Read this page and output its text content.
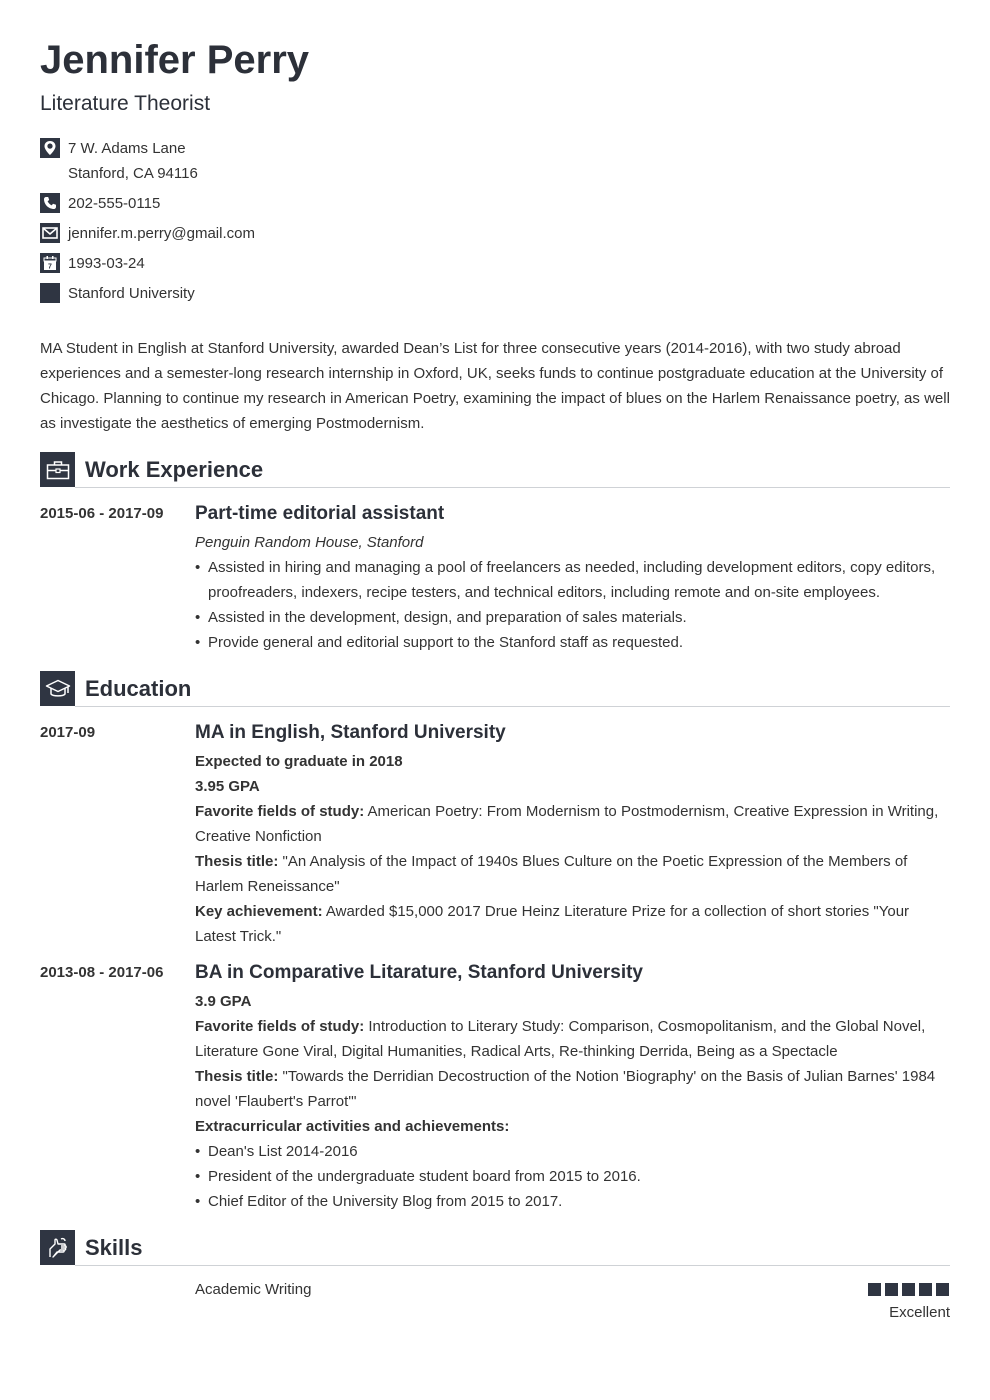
Jennifer Perry
Literature Theorist
7 W. Adams Lane
Stanford, CA 94116
202-555-0115
jennifer.m.perry@gmail.com
7 1993-03-24
Stanford University
MA Student in English at Stanford University, awarded Dean’s List for three consecutive years (2014-2016), with two study abroad experiences and a semester-long research internship in Oxford, UK, seeks funds to continue postgraduate education at the University of Chicago. Planning to continue my research in American Poetry, examining the impact of blues on the Harlem Renaissance poetry, as well as investigate the aesthetics of emerging Postmodernism.
Work Experience
2015-06 - 2017-09 Part-time editorial assistant
Penguin Random House, Stanford
• Assisted in hiring and managing a pool of freelancers as needed, including development editors, copy editors, proofreaders, indexers, recipe testers, and technical editors, including remote and on-site employees.
• Assisted in the development, design, and preparation of sales materials.
• Provide general and editorial support to the Stanford staff as requested.
Education
2017-09	MA in English, Stanford University
Expected to graduate in 2018
3.95 GPA
Favorite fields of study: American Poetry: From Modernism to Postmodernism, Creative Expression in Writing, Creative Nonfiction
Thesis title: "An Analysis of the Impact of 1940s Blues Culture on the Poetic Expression of the Members of Harlem Reneissance"
Key achievement: Awarded $15,000 2017 Drue Heinz Literature Prize for a collection of short stories "Your Latest Trick."
2013-08 - 2017-06 BA in Comparative Litarature, Stanford University
3.9 GPA
Favorite fields of study: Introduction to Literary Study: Comparison, Cosmopolitanism, and the Global Novel, Literature Gone Viral, Digital Humanities, Radical Arts, Re-thinking Derrida, Being as a Spectacle
Thesis title: "Towards the Derridian Decostruction of the Notion 'Biography' on the Basis of Julian Barnes' 1984 novel 'Flaubert's Parrot'"
Extracurricular activities and achievements:
• Dean's List 2014-2016
• President of the undergraduate student board from 2015 to 2016.
• Chief Editor of the University Blog from 2015 to 2017.
Skills
Academic Writing
Excellent
